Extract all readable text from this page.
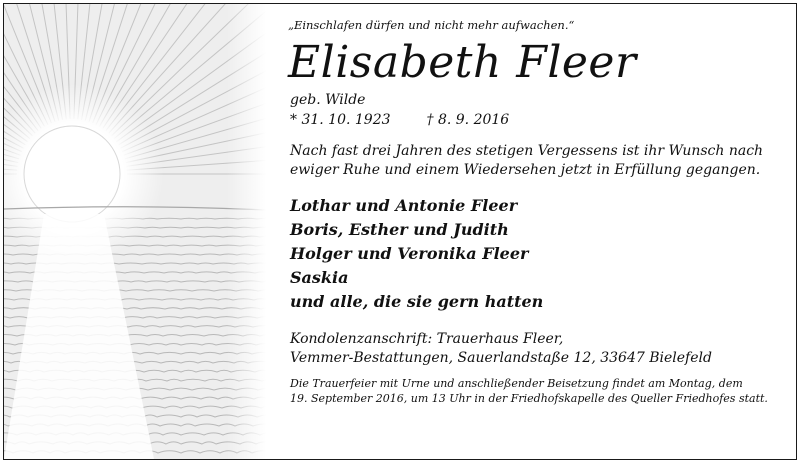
„Einschlafen dürfen und nicht mehr aufwachen.“

Elisabeth Fleer

geb. Wilde

* 31. 10. 1923	† 8. 9. 2016
Nach fast drei Jahren des stetigen Vergessens ist ihr Wunsch nach
ewiger Ruhe und einem Wiedersehen jetzt in Erfüllung gegangen.
Lothar und Antonie Fleer
Boris, Esther und Judith
Holger und Veronika Fleer
Saskia
und alle, die sie gern hatten
Kondolenzanschrift: Trauerhaus Fleer,
Vemmer-Bestattungen, Sauerlandstaße 12, 33647 Bielefeld
Die Trauerfeier mit Urne und anschließender Beisetzung findet am Montag, dem
19. September 2016, um 13 Uhr in der Friedhofskapelle des Queller Friedhofes statt.
